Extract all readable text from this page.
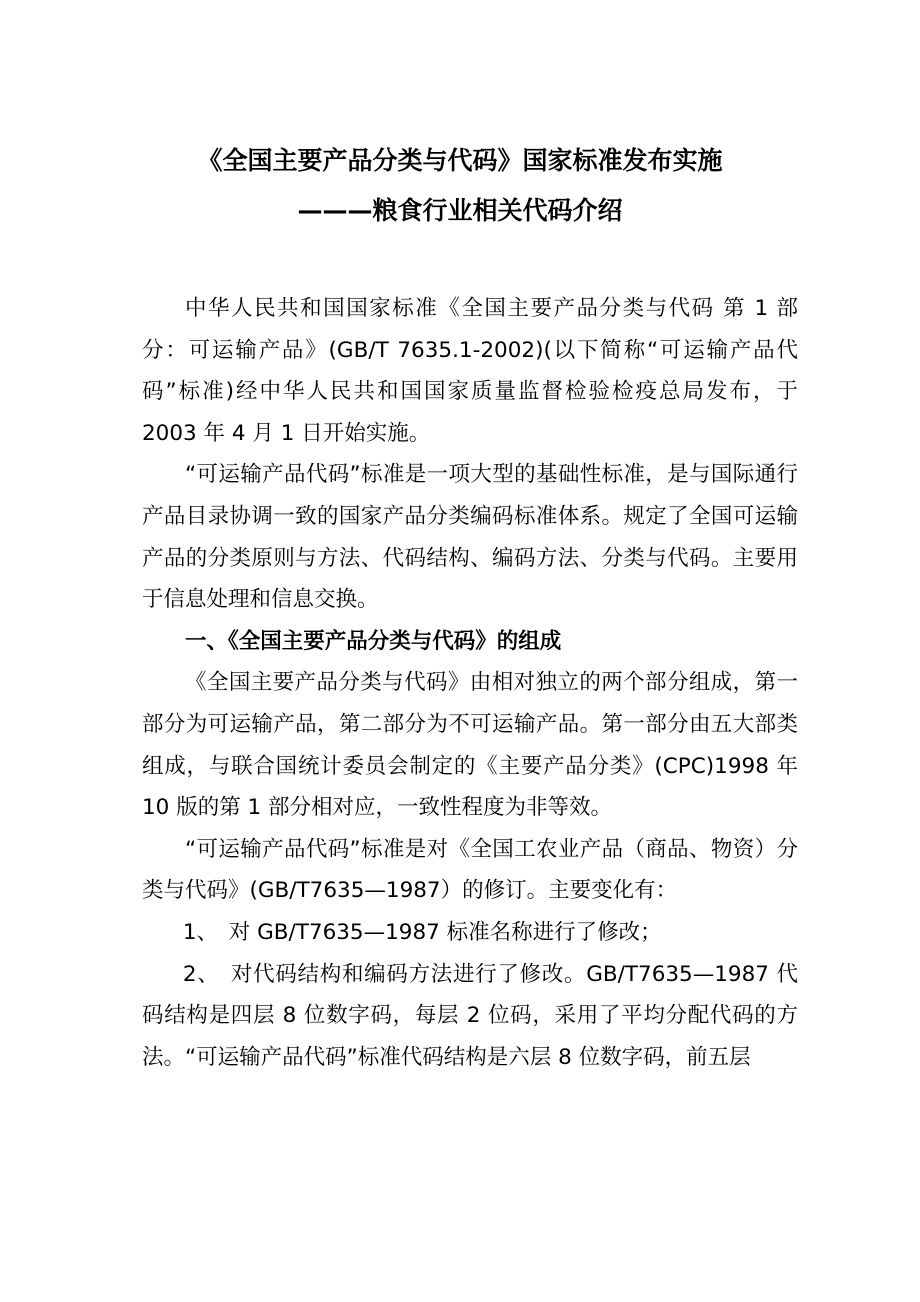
《全国主要产品分类与代码》国家标准发布实施
———粮食行业相关代码介绍

中华人民共和国国家标准《全国主要产品分类与代码 第 1 部分：可运输产品》(GB/T 7635.1-2002)(以下简称“可运输产品代码”标准)经中华人民共和国国家质量监督检验检疫总局发布，于 2003 年 4 月 1 日开始实施。

“可运输产品代码”标准是一项大型的基础性标准，是与国际通行产品目录协调一致的国家产品分类编码标准体系。规定了全国可运输产品的分类原则与方法、代码结构、编码方法、分类与代码。主要用于信息处理和信息交换。

一、《全国主要产品分类与代码》的组成

《全国主要产品分类与代码》由相对独立的两个部分组成，第一部分为可运输产品，第二部分为不可运输产品。第一部分由五大部类组成，与联合国统计委员会制定的《主要产品分类》(CPC)1998 年 10 版的第 1 部分相对应，一致性程度为非等效。

“可运输产品代码”标准是对《全国工农业产品（商品、物资）分类与代码》(GB/T7635—1987）的修订。主要变化有：

1、　对 GB/T7635—1987 标准名称进行了修改；

2、　对代码结构和编码方法进行了修改。GB/T7635—1987 代码结构是四层 8 位数字码，每层 2 位码，采用了平均分配代码的方法。“可运输产品代码”标准代码结构是六层 8 位数字码，前五层
